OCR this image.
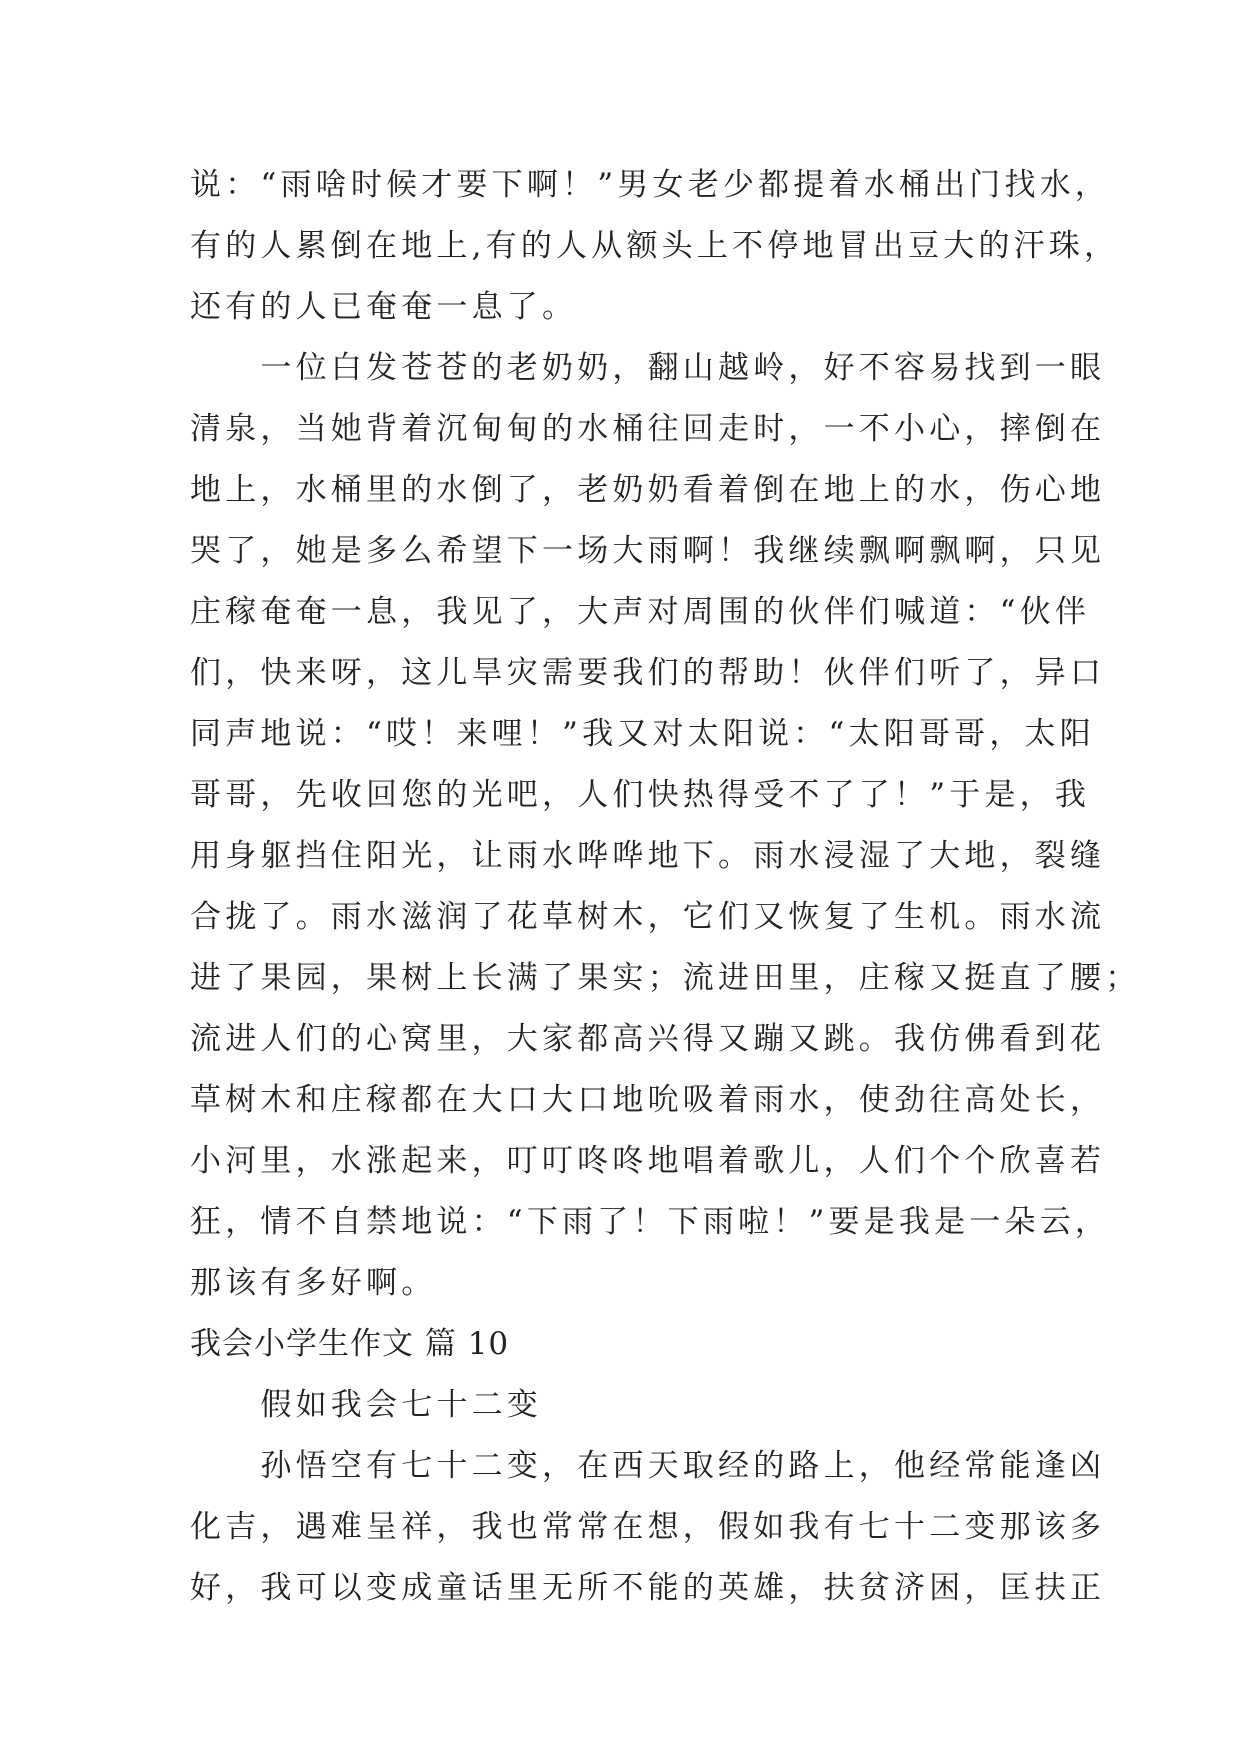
说：“雨啥时候才要下啊！”男女老少都提着水桶出门找水，
有的人累倒在地上,有的人从额头上不停地冒出豆大的汗珠，
还有的人已奄奄一息了。
　　一位白发苍苍的老奶奶，翻山越岭，好不容易找到一眼
清泉，当她背着沉甸甸的水桶往回走时，一不小心，摔倒在
地上，水桶里的水倒了，老奶奶看着倒在地上的水，伤心地
哭了，她是多么希望下一场大雨啊！我继续飘啊飘啊，只见
庄稼奄奄一息，我见了，大声对周围的伙伴们喊道：“伙伴
们，快来呀，这儿旱灾需要我们的帮助！伙伴们听了，异口
同声地说：“哎！来哩！”我又对太阳说：“太阳哥哥，太阳
哥哥，先收回您的光吧，人们快热得受不了了！”于是，我
用身躯挡住阳光，让雨水哗哗地下。雨水浸湿了大地，裂缝
合拢了。雨水滋润了花草树木，它们又恢复了生机。雨水流
进了果园，果树上长满了果实；流进田里，庄稼又挺直了腰；
流进人们的心窝里，大家都高兴得又蹦又跳。我仿佛看到花
草树木和庄稼都在大口大口地吮吸着雨水，使劲往高处长，
小河里，水涨起来，叮叮咚咚地唱着歌儿，人们个个欣喜若
狂，情不自禁地说：“下雨了！下雨啦！”要是我是一朵云，
那该有多好啊。
我会小学生作文 篇 10
　　假如我会七十二变
　　孙悟空有七十二变，在西天取经的路上，他经常能逢凶
化吉，遇难呈祥，我也常常在想，假如我有七十二变那该多
好，我可以变成童话里无所不能的英雄，扶贫济困，匡扶正
